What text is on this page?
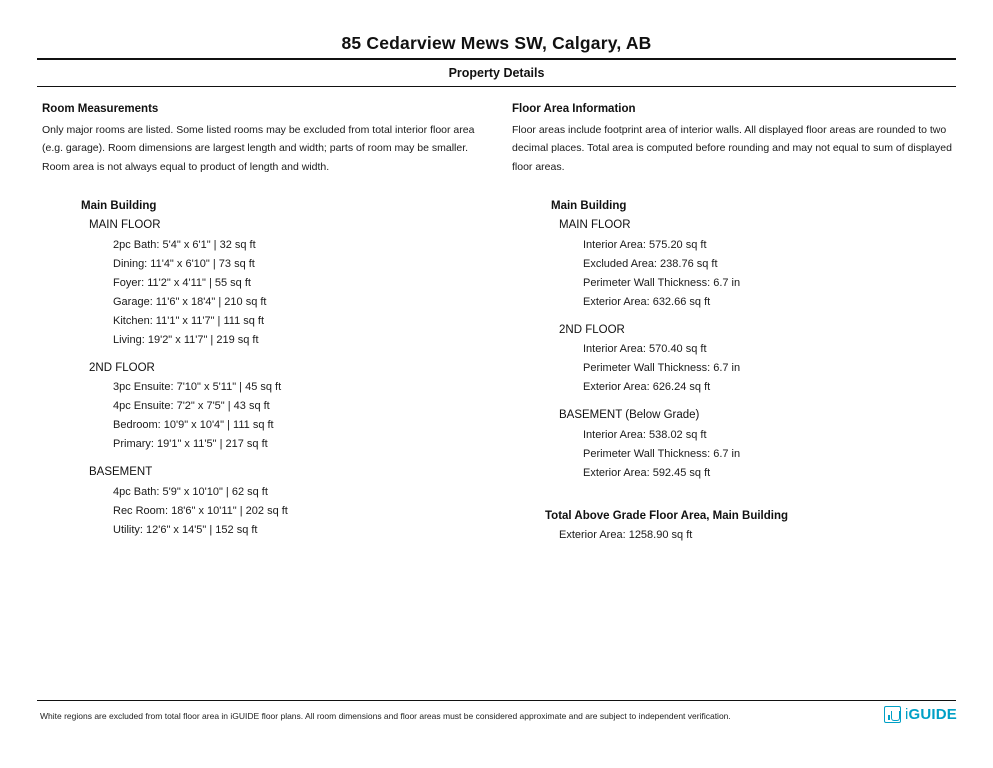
85 Cedarview Mews SW, Calgary, AB
Property Details
Room Measurements

Only major rooms are listed. Some listed rooms may be excluded from total interior floor area (e.g. garage). Room dimensions are largest length and width; parts of room may be smaller. Room area is not always equal to product of length and width.

Main Building
MAIN FLOOR
2pc Bath: 5'4" x 6'1" | 32 sq ft
Dining: 11'4" x 6'10" | 73 sq ft
Foyer: 11'2" x 4'11" | 55 sq ft
Garage: 11'6" x 18'4" | 210 sq ft
Kitchen: 11'1" x 11'7" | 111 sq ft
Living: 19'2" x 11'7" | 219 sq ft
2ND FLOOR
3pc Ensuite: 7'10" x 5'11" | 45 sq ft
4pc Ensuite: 7'2" x 7'5" | 43 sq ft
Bedroom: 10'9" x 10'4" | 111 sq ft
Primary: 19'1" x 11'5" | 217 sq ft
BASEMENT
4pc Bath: 5'9" x 10'10" | 62 sq ft
Rec Room: 18'6" x 10'11" | 202 sq ft
Utility: 12'6" x 14'5" | 152 sq ft
Floor Area Information

Floor areas include footprint area of interior walls. All displayed floor areas are rounded to two decimal places. Total area is computed before rounding and may not equal to sum of displayed floor areas.

Main Building
MAIN FLOOR
Interior Area: 575.20 sq ft
Excluded Area: 238.76 sq ft
Perimeter Wall Thickness: 6.7 in
Exterior Area: 632.66 sq ft
2ND FLOOR
Interior Area: 570.40 sq ft
Perimeter Wall Thickness: 6.7 in
Exterior Area: 626.24 sq ft
BASEMENT (Below Grade)
Interior Area: 538.02 sq ft
Perimeter Wall Thickness: 6.7 in
Exterior Area: 592.45 sq ft
Total Above Grade Floor Area, Main Building
Exterior Area: 1258.90 sq ft
White regions are excluded from total floor area in iGUIDE floor plans. All room dimensions and floor areas must be considered approximate and are subject to independent verification.	iGUIDE
